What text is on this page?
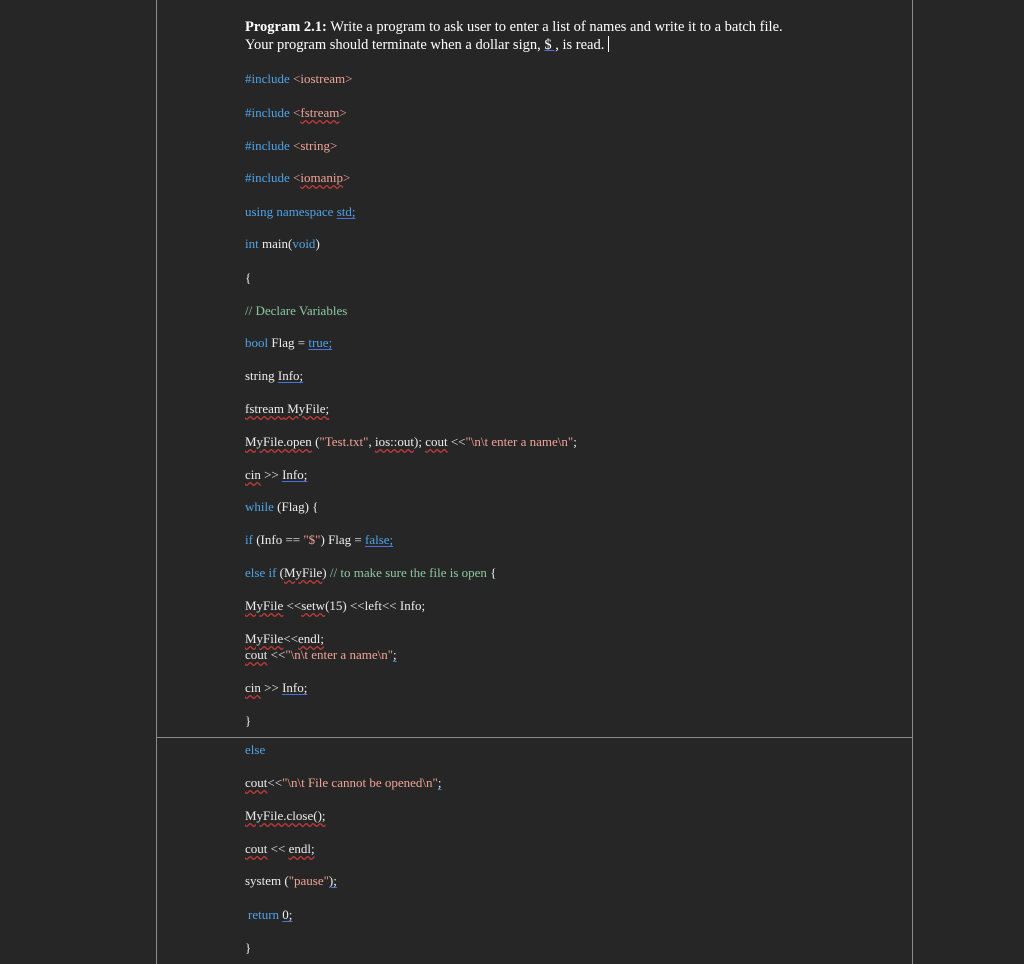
Program 2.1: Write a program to ask user to enter a list of names and write it to a batch file.
Your program should terminate when a dollar sign, $ , is read.
#include <iostream>
#include <fstream>
#include <string>
#include <iomanip>
using namespace std;
int main(void)
{
// Declare Variables
bool Flag = true;
string Info;
fstream MyFile;
MyFile.open ("Test.txt", ios::out); cout <<"\n\t enter a name\n";
cin >> Info;
while (Flag) {
if (Info == "$") Flag = false;
else if (MyFile) // to make sure the file is open {
MyFile <<setw(15) <<left<< Info;
MyFile<<endl;
cout <<"\n\t enter a name\n";
cin >> Info;
}
else
cout<<"\n\t File cannot be opened\n";
MyFile.close();
cout << endl;
system ("pause");
return 0;
}
